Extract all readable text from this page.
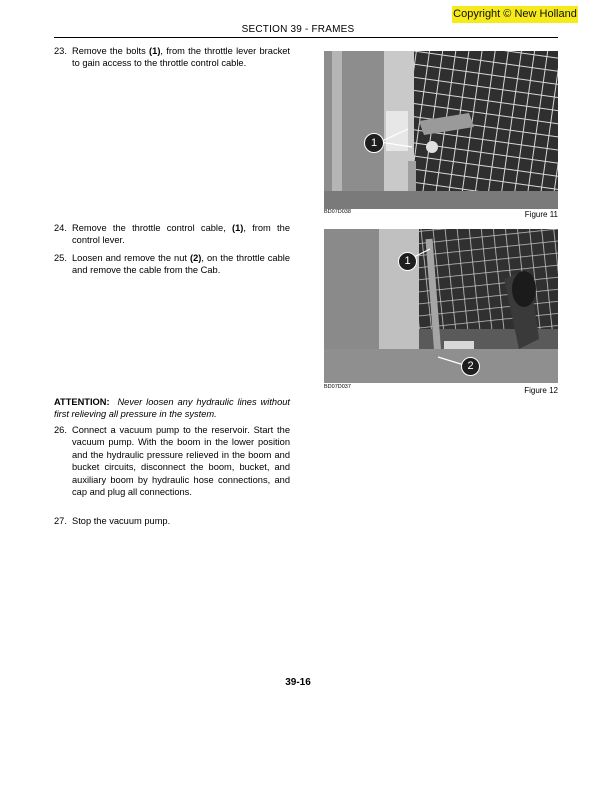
Copyright © New Holland
SECTION 39 - FRAMES
23. Remove the bolts (1), from the throttle lever bracket to gain access to the throttle control cable.
24. Remove the throttle control cable, (1), from the control lever.
25. Loosen and remove the nut (2), on the throttle cable and remove the cable from the Cab.
ATTENTION: Never loosen any hydraulic lines without first relieving all pressure in the system.
26. Connect a vacuum pump to the reservoir. Start the vacuum pump. With the boom in the lower position and the hydraulic pressure relieved in the boom and bucket circuits, disconnect the boom, bucket, and auxiliary boom by hydraulic hose connections, and cap and plug all connections.
27. Stop the vacuum pump.
1
BD07D038	Figure 11
1
2
BD07D037	Figure 12
39-16
